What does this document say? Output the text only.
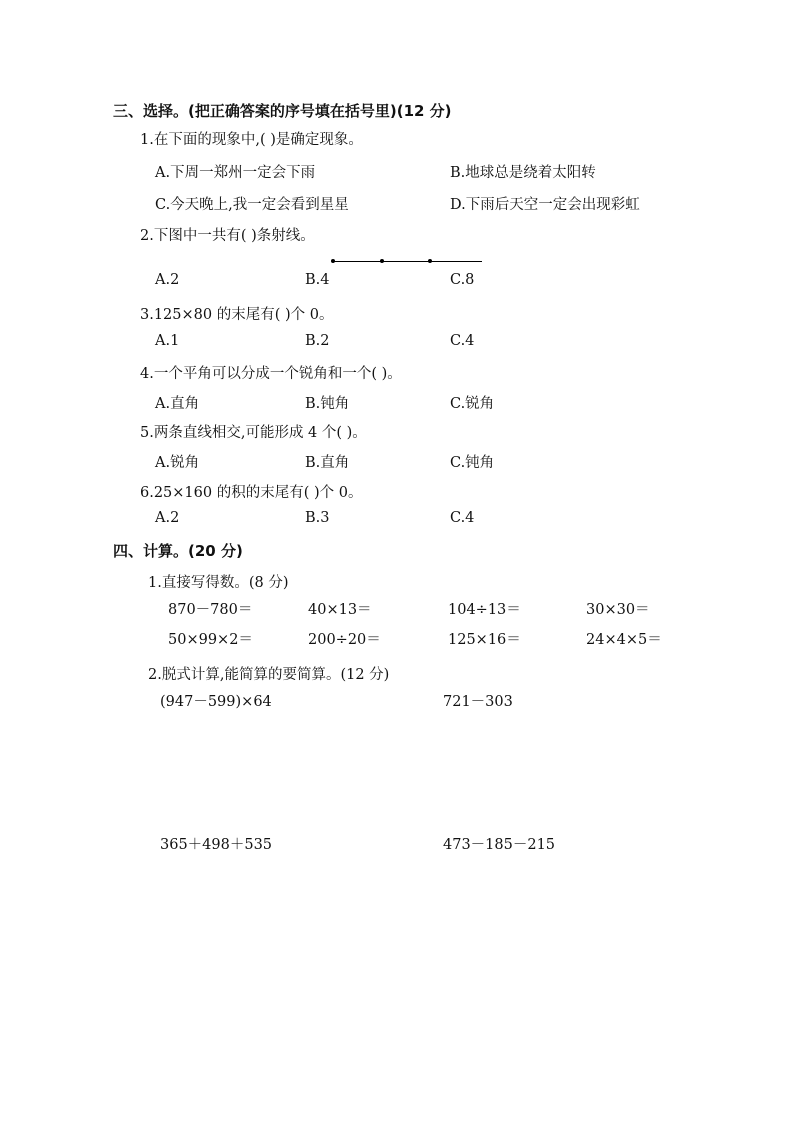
三、选择。(把正确答案的序号填在括号里)(12 分)
1.在下面的现象中,( )是确定现象。
A.下周一郑州一定会下雨	B.地球总是绕着太阳转
C.今天晚上,我一定会看到星星	D.下雨后天空一定会出现彩虹
2.下图中一共有( )条射线。
A.2	B.4	C.8
3.125×80 的末尾有( )个 0。
A.1	B.2	C.4
4.一个平角可以分成一个锐角和一个( )。
A.直角	B.钝角	C.锐角
5.两条直线相交,可能形成 4 个( )。
A.锐角	B.直角	C.钝角
6.25×160 的积的末尾有( )个 0。
A.2	B.3	C.4
四、计算。(20 分)
1.直接写得数。(8 分)
870－780＝	40×13＝	104÷13＝	30×30＝
50×99×2＝	200÷20＝	125×16＝	24×4×5＝
2.脱式计算,能简算的要简算。(12 分)
(947－599)×64	721－303
365＋498＋535	473－185－215
